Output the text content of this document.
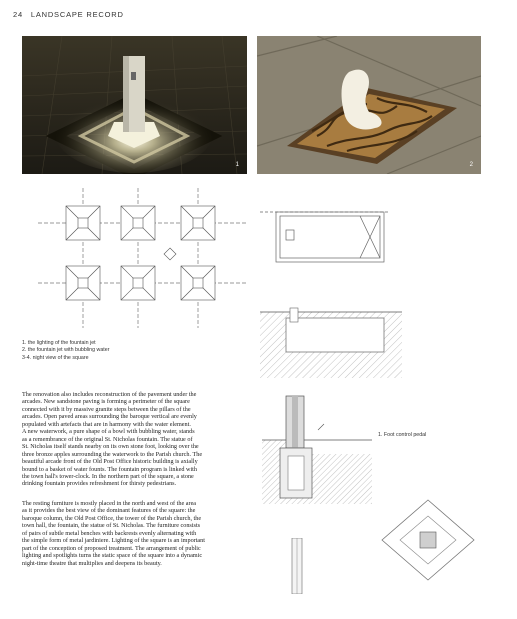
24 LANDSCAPE RECORD
1	2
1. the lighting of the fountain jet
2. the fountain jet with bubbling water
3-4. night view of the square
1. Foot control pedal

The renovation also includes reconstruction of the pavement under the
arcades. New sandstone paving is forming a perimeter of the square
connected with it by massive granite steps between the pillars of the
arcades. Open paved areas surrounding the baroque vertical are evenly
populated with artefacts that are in harmony with the water element.
A new waterwork, a pure shape of a bowl with bubbling water, stands
as a remembrance of the original St. Nicholas fountain. The statue of
St. Nicholas itself stands nearby on its own stone foot, looking over the
three bronze apples surrounding the waterwork to the Parish church. The
beautiful arcade front of the Old Post Office historic building is axially
bound to a basket of water founts. The fountain program is linked with
the town hall's tower-clock. In the northern part of the square, a stone
drinking fountain provides refreshment for thirsty pedestrians.

The resting furniture is mostly placed in the north and west of the area
as it provides the best view of the dominant features of the square: the
baroque column, the Old Post Office, the tower of the Parish church, the
town hall, the fountain, the statue of St. Nicholas. The furniture consists
of pairs of subtle metal benches with backrests evenly alternating with
the simple form of metal jardiniere. Lighting of the square is an important
part of the conception of proposed treatment. The arrangement of public
lighting and spotlights turns the static space of the square into a dynamic
night-time theatre that multiplies and deepens its beauty.
